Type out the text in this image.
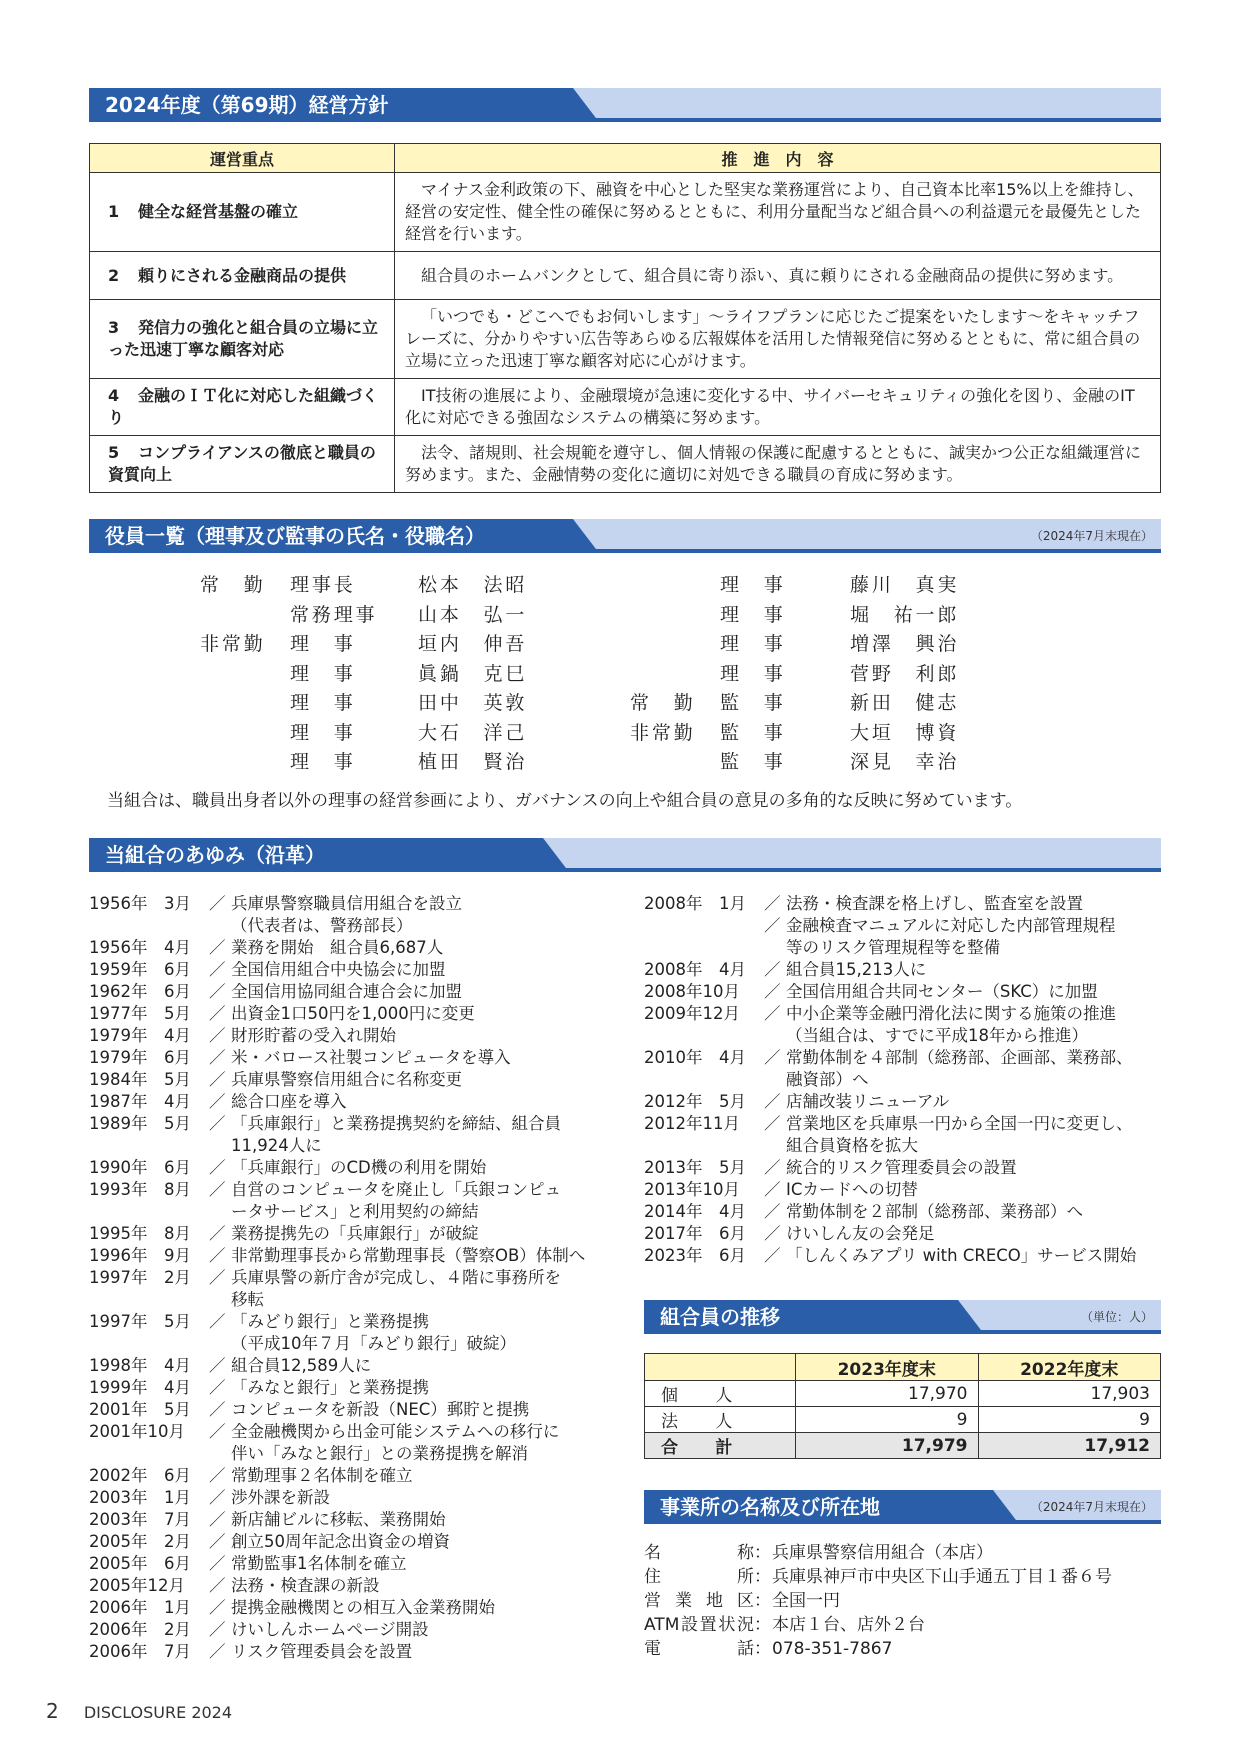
2024年度（第69期）経営方針
運営重点	推　進　内　容
1 健全な経営基盤の確立	マイナス金利政策の下、融資を中心とした堅実な業務運営により、自己資本比率15%以上を維持し、経営の安定性、健全性の確保に努めるとともに、利用分量配当など組合員への利益還元を最優先とした経営を行います。
2 頼りにされる金融商品の提供	組合員のホームバンクとして、組合員に寄り添い、真に頼りにされる金融商品の提供に努めます。
3 発信力の強化と組合員の立場に立った迅速丁寧な顧客対応	「いつでも・どこへでもお伺いします」～ライフプランに応じたご提案をいたします～をキャッチフレーズに、分かりやすい広告等あらゆる広報媒体を活用した情報発信に努めるとともに、常に組合員の立場に立った迅速丁寧な顧客対応に心がけます。
4 金融のＩＴ化に対応した組織づくり	IT技術の進展により、金融環境が急速に変化する中、サイバーセキュリティの強化を図り、金融のIT化に対応できる強固なシステムの構築に努めます。
5 コンプライアンスの徹底と職員の資質向上	法令、諸規則、社会規範を遵守し、個人情報の保護に配慮するとともに、誠実かつ公正な組織運営に努めます。また、金融情勢の変化に適切に対処できる職員の育成に努めます。
役員一覧（理事及び監事の氏名・役職名）	（2024年7月末現在）
常　勤 理事長	松本　法昭
常務理事 山本　弘一
非常勤 理　事	垣内　伸吾
理　事	眞鍋　克巳
理　事	田中　英敦
理　事	大石　洋己
理　事	植田　賢治
理　事	藤川　真実
理　事	堀　祐一郎
理　事	増澤　興治
理　事	菅野　利郎
常　勤 監　事	新田　健志
非常勤 監　事	大垣　博資
監　事	深見　幸治
当組合は、職員出身者以外の理事の経営参画により、ガバナンスの向上や組合員の意見の多角的な反映に努めています。
当組合のあゆみ（沿革）
1956年　3月 ／ 兵庫県警察職員信用組合を設立
（代表者は、警務部長）
1956年　4月 ／ 業務を開始　組合員6,687人
1959年　6月 ／ 全国信用組合中央協会に加盟
1962年　6月 ／ 全国信用協同組合連合会に加盟
1977年　5月 ／ 出資金1口50円を1,000円に変更
1979年　4月 ／ 財形貯蓄の受入れ開始
1979年　6月 ／ 米・バロース社製コンピュータを導入
1984年　5月 ／ 兵庫県警察信用組合に名称変更
1987年　4月 ／ 総合口座を導入
1989年　5月 ／ 「兵庫銀行」と業務提携契約を締結、組合員
11,924人に
1990年　6月 ／ 「兵庫銀行」のCD機の利用を開始
1993年　8月 ／ 自営のコンピュータを廃止し「兵銀コンピュ
ータサービス」と利用契約の締結
1995年　8月 ／ 業務提携先の「兵庫銀行」が破綻
1996年　9月 ／ 非常勤理事長から常勤理事長（警察OB）体制へ
1997年　2月 ／ 兵庫県警の新庁舎が完成し、４階に事務所を
移転
1997年　5月 ／ 「みどり銀行」と業務提携
（平成10年７月「みどり銀行」破綻）
1998年　4月 ／ 組合員12,589人に
1999年　4月 ／ 「みなと銀行」と業務提携
2001年　5月 ／ コンピュータを新設（NEC）郵貯と提携
2001年10月 ／ 全金融機関から出金可能システムへの移行に
伴い「みなと銀行」との業務提携を解消
2002年　6月 ／ 常勤理事２名体制を確立
2003年　1月 ／ 渉外課を新設
2003年　7月 ／ 新店舗ビルに移転、業務開始
2005年　2月 ／ 創立50周年記念出資金の増資
2005年　6月 ／ 常勤監事1名体制を確立
2005年12月 ／ 法務・検査課の新設
2006年　1月 ／ 提携金融機関との相互入金業務開始
2006年　2月 ／ けいしんホームページ開設
2006年　7月 ／ リスク管理委員会を設置
2008年　1月 ／ 法務・検査課を格上げし、監査室を設置
／ 金融検査マニュアルに対応した内部管理規程
等のリスク管理規程等を整備
2008年　4月 ／ 組合員15,213人に
2008年10月 ／ 全国信用組合共同センター（SKC）に加盟
2009年12月 ／ 中小企業等金融円滑化法に関する施策の推進
（当組合は、すでに平成18年から推進）
2010年　4月 ／ 常勤体制を４部制（総務部、企画部、業務部、
融資部）へ
2012年　5月 ／ 店舗改装リニューアル
2012年11月 ／ 営業地区を兵庫県一円から全国一円に変更し、
組合員資格を拡大
2013年　5月 ／ 統合的リスク管理委員会の設置
2013年10月 ／ ICカードへの切替
2014年　4月 ／ 常勤体制を２部制（総務部、業務部）へ
2017年　6月 ／ けいしん友の会発足
2023年　6月 ／ 「しんくみアプリ with CRECO」サービス開始
組合員の推移	（単位：人）
	2023年度末	2022年度末
個人	17,970	17,903
法人	9	9
合計	17,979	17,912
事業所の名称及び所在地	（2024年7月末現在）
名称 ： 兵庫県警察信用組合（本店）
住所 ： 兵庫県神戸市中央区下山手通五丁目１番６号
営業地区 ： 全国一円
ATM設置状況 ： 本店１台、店外２台
電話 ： 078-351-7867
2 DISCLOSURE 2024
